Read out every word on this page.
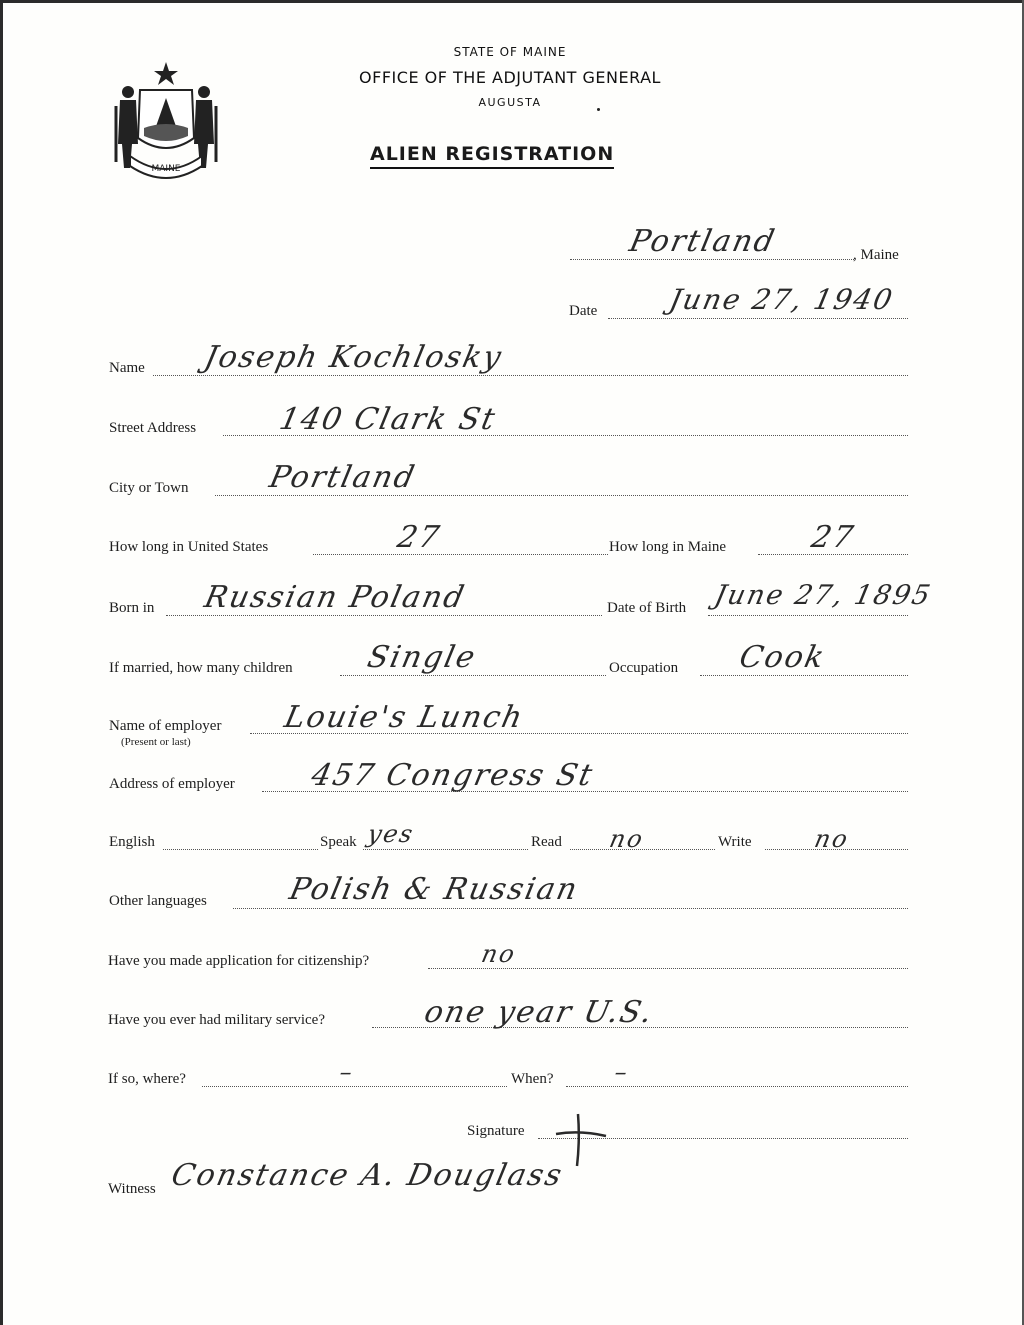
MAINE
STATE OF MAINE
OFFICE OF THE ADJUTANT GENERAL
AUGUSTA
ALIEN REGISTRATION
Portland	, Maine
Date June 27, 1940
Name Joseph Kochlosky
Street Address	140 Clark St
City or Town	Portland
How long in United States	27	How long in Maine	27
Born in Russian Poland	Date of Birth June 27, 1895
If married, how many children Single	Occupation Cook
Name of employer
(Present or last)
Louie's Lunch
Address of employer 457 Congress St
English	Speak yes	Read no	Write	no
Other languages	Polish & Russian
Have you made application for citizenship?	no
Have you ever had military service?	one year U.S.
If so, where?	–	When? –
Signature
Witness Constance A. Douglass
